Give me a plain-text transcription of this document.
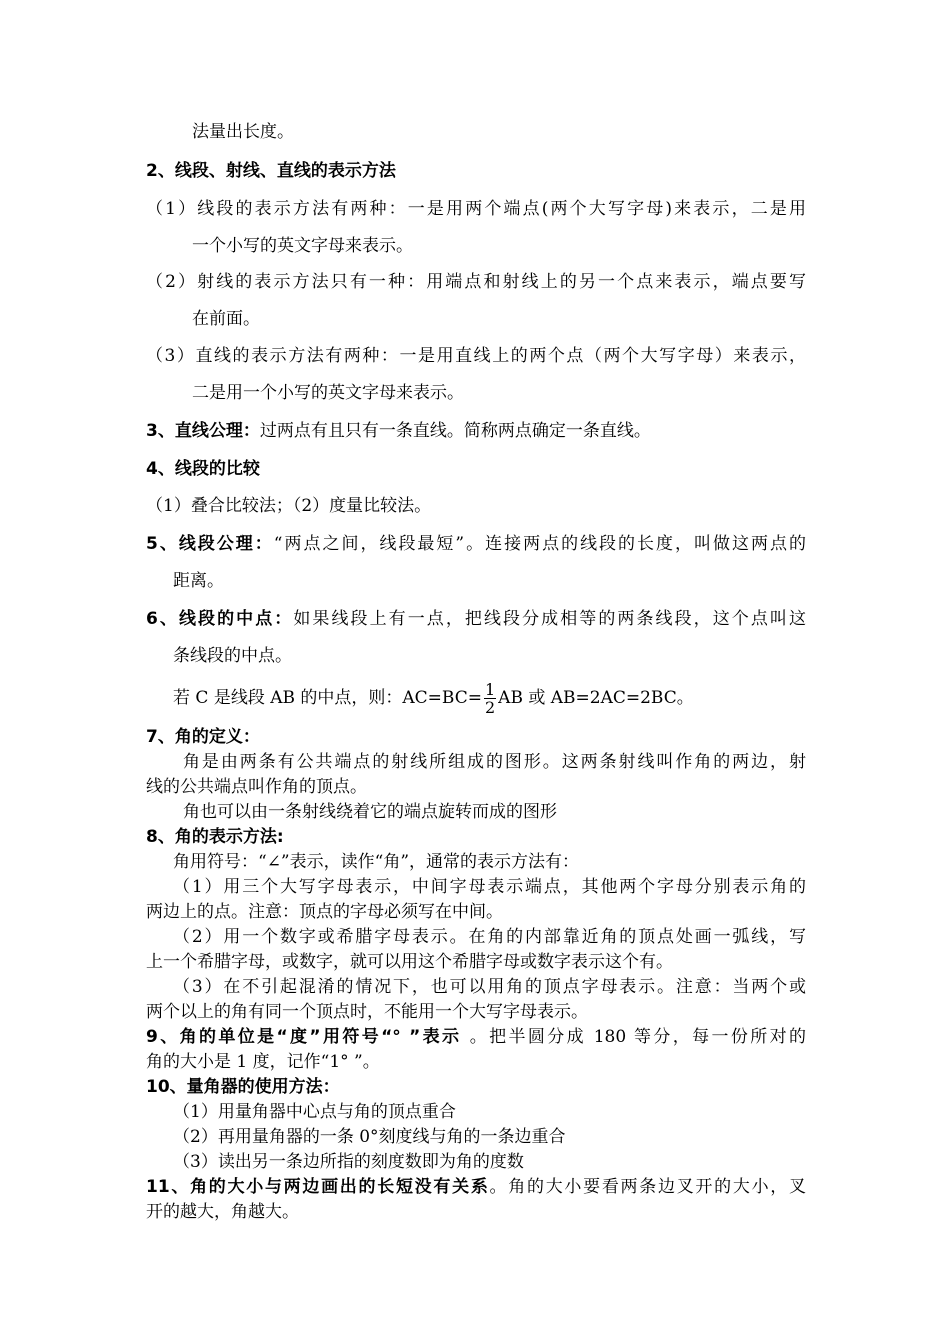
法量出长度。
2、线段、射线、直线的表示方法
（1）线段的表示方法有两种：一是用两个端点(两个大写字母)来表示，二是用
一个小写的英文字母来表示。
（2）射线的表示方法只有一种：用端点和射线上的另一个点来表示，端点要写
在前面。
（3）直线的表示方法有两种：一是用直线上的两个点（两个大写字母）来表示，
二是用一个小写的英文字母来表示。
3、直线公理：过两点有且只有一条直线。简称两点确定一条直线。
4、线段的比较
（1）叠合比较法；（2）度量比较法。
5、线段公理：“两点之间，线段最短”。连接两点的线段的长度，叫做这两点的
距离。
6、线段的中点：如果线段上有一点，把线段分成相等的两条线段，这个点叫这
条线段的中点。
若 C 是线段 AB 的中点，则：$AC=BC= \frac{1}{2}$ AB 或 AB=2AC=2BC。
7、角的定义：
角是由两条有公共端点的射线所组成的图形。这两条射线叫作角的两边，射
线的公共端点叫作角的顶点。
角也可以由一条射线绕着它的端点旋转而成的图形
8、角的表示方法:
角用符号：“∠”表示，读作“角”，通常的表示方法有：
（1）用三个大写字母表示，中间字母表示端点，其他两个字母分别表示角的
两边上的点。注意：顶点的字母必须写在中间。
（2）用一个数字或希腊字母表示。在角的内部靠近角的顶点处画一弧线，写
上一个希腊字母，或数字，就可以用这个希腊字母或数字表示这个有。
（3）在不引起混淆的情况下，也可以用角的顶点字母表示。注意：当两个或
两个以上的角有同一个顶点时，不能用一个大写字母表示。
9、角的单位是“度”用符号“° ”表示 。把半圆分成 180 等分，每一份所对的
角的大小是 1 度，记作“1° ”。
10、量角器的使用方法：
（1）用量角器中心点与角的顶点重合
（2）再用量角器的一条 0°刻度线与角的一条边重合
（3）读出另一条边所指的刻度数即为角的度数
11、角的大小与两边画出的长短没有关系。角的大小要看两条边叉开的大小，叉
开的越大，角越大。
